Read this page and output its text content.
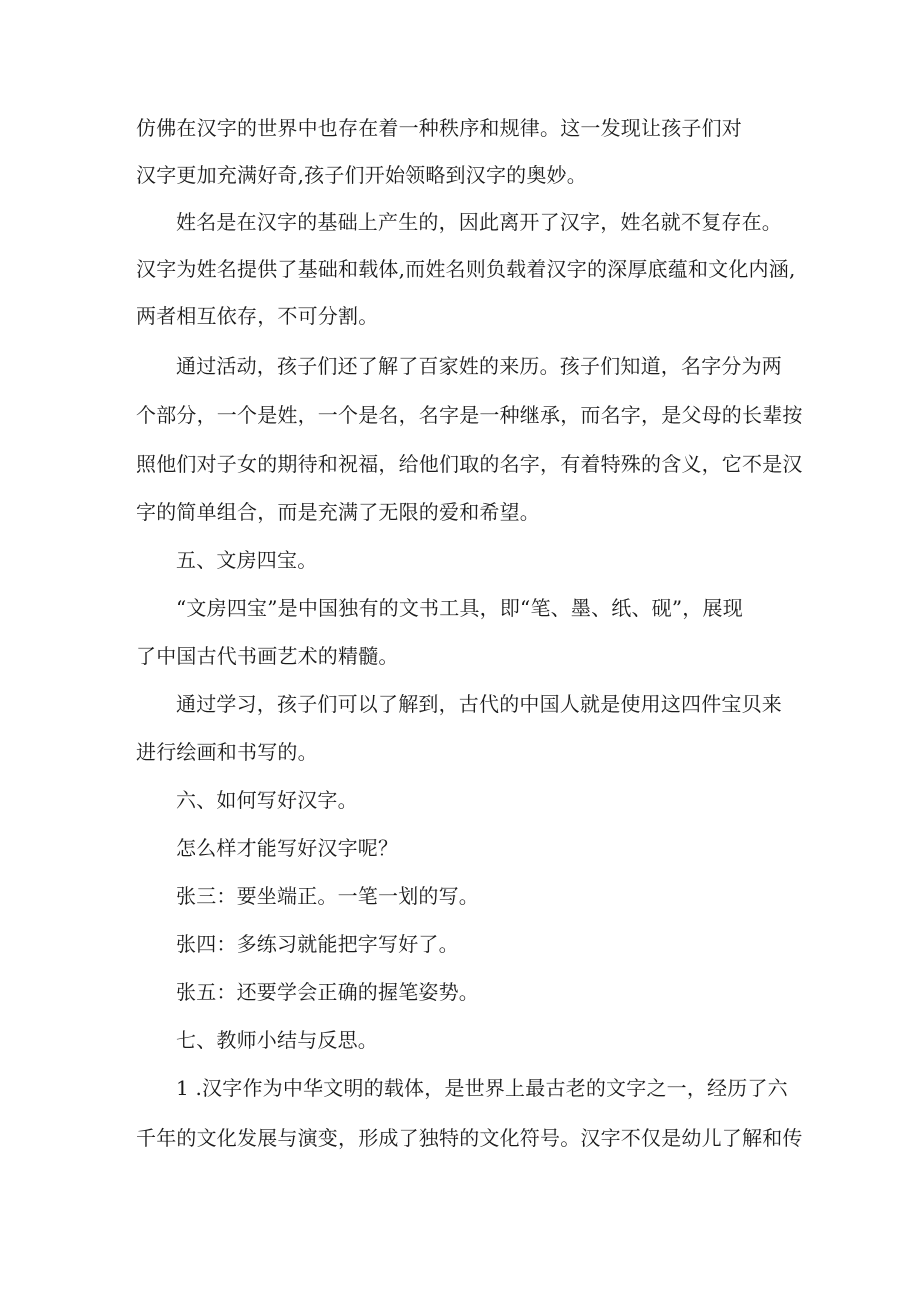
仿佛在汉字的世界中也存在着一种秩序和规律。这一发现让孩子们对
汉字更加充满好奇,孩子们开始领略到汉字的奥妙。
姓名是在汉字的基础上产生的，因此离开了汉字，姓名就不复存在。
汉字为姓名提供了基础和载体,而姓名则负载着汉字的深厚底蕴和文化内涵,
两者相互依存，不可分割。
通过活动，孩子们还了解了百家姓的来历。孩子们知道，名字分为两
个部分，一个是姓，一个是名，名字是一种继承，而名字，是父母的长辈按
照他们对子女的期待和祝福，给他们取的名字，有着特殊的含义，它不是汉
字的简单组合，而是充满了无限的爱和希望。
五、文房四宝。
“文房四宝”是中国独有的文书工具，即“笔、墨、纸、砚”，展现
了中国古代书画艺术的精髓。
通过学习，孩子们可以了解到，古代的中国人就是使用这四件宝贝来
进行绘画和书写的。
六、如何写好汉字。
怎么样才能写好汉字呢？
张三：要坐端正。一笔一划的写。
张四：多练习就能把字写好了。
张五：还要学会正确的握笔姿势。
七、教师小结与反思。
1 .汉字作为中华文明的载体，是世界上最古老的文字之一，经历了六
千年的文化发展与演变，形成了独特的文化符号。汉字不仅是幼儿了解和传
